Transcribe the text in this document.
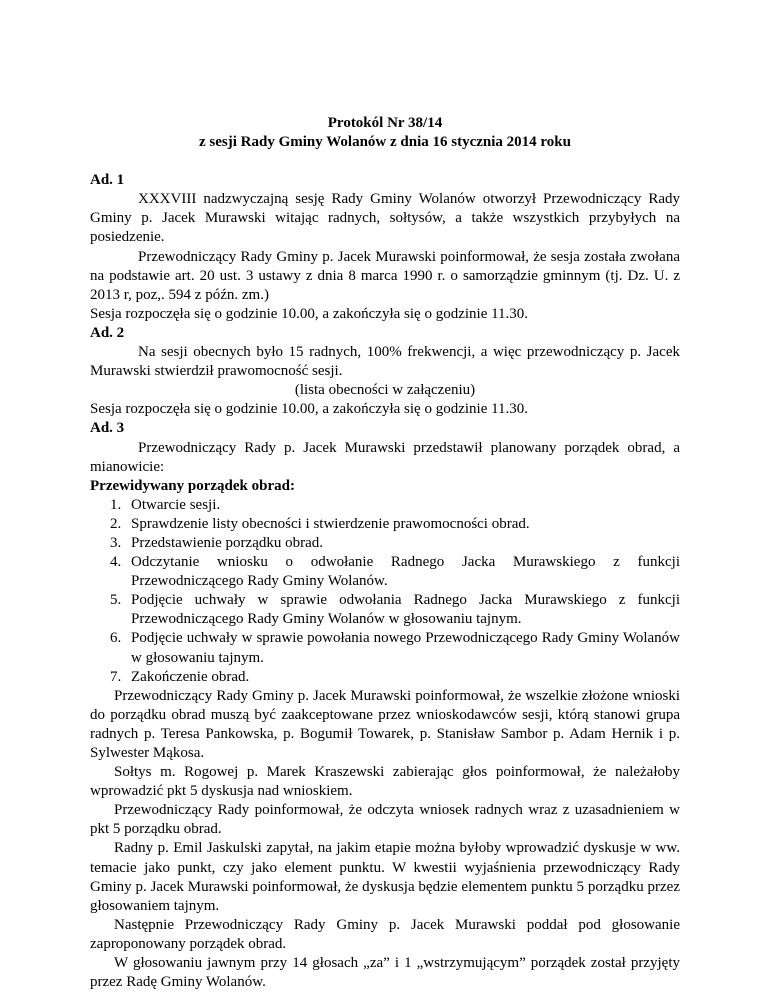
Protokól Nr 38/14

z sesji Rady Gminy Wolanów z dnia 16 stycznia 2014 roku

Ad. 1

XXXVIII nadzwyczajną sesję Rady Gminy Wolanów otworzył Przewodniczący Rady Gminy p. Jacek Murawski witając radnych, sołtysów, a także wszystkich przybyłych na posiedzenie.

Przewodniczący Rady Gminy p. Jacek Murawski poinformował, że sesja została zwołana na podstawie art. 20 ust. 3 ustawy z dnia 8 marca 1990 r. o samorządzie gminnym (tj. Dz. U. z 2013 r, poz,. 594 z późn. zm.)

Sesja rozpoczęła się o godzinie 10.00, a zakończyła się o godzinie 11.30.

Ad. 2

Na sesji obecnych było 15 radnych, 100% frekwencji, a więc przewodniczący p. Jacek Murawski stwierdził prawomocność sesji.

(lista obecności w załączeniu)

Sesja rozpoczęła się o godzinie 10.00, a zakończyła się o godzinie 11.30.

Ad. 3

Przewodniczący Rady p. Jacek Murawski przedstawił planowany porządek obrad, a mianowicie:

Przewidywany porządek obrad:

1. Otwarcie sesji.
2. Sprawdzenie listy obecności i stwierdzenie prawomocności obrad.
3. Przedstawienie porządku obrad.
4. Odczytanie wniosku o odwołanie Radnego Jacka Murawskiego z funkcji Przewodniczącego Rady Gminy Wolanów.
5. Podjęcie uchwały w sprawie odwołania Radnego Jacka Murawskiego z funkcji Przewodniczącego Rady Gminy Wolanów w głosowaniu tajnym.
6. Podjęcie uchwały w sprawie powołania nowego Przewodniczącego Rady Gminy Wolanów w głosowaniu tajnym.
7. Zakończenie obrad.

Przewodniczący Rady Gminy p. Jacek Murawski poinformował, że wszelkie złożone wnioski do porządku obrad muszą być zaakceptowane przez wnioskodawców sesji, którą stanowi grupa radnych p. Teresa Pankowska, p. Bogumił Towarek, p. Stanisław Sambor p. Adam Hernik i p. Sylwester Mąkosa.

Sołtys m. Rogowej p. Marek Kraszewski zabierając głos poinformował, że należałoby wprowadzić pkt 5 dyskusja nad wnioskiem.

Przewodniczący Rady poinformował, że odczyta wniosek radnych wraz z uzasadnieniem w pkt 5 porządku obrad.

Radny p. Emil Jaskulski zapytał, na jakim etapie można byłoby wprowadzić dyskusje w ww. temacie jako punkt, czy jako element punktu. W kwestii wyjaśnienia przewodniczący Rady Gminy p. Jacek Murawski poinformował, że dyskusja będzie elementem punktu 5 porządku przez głosowaniem tajnym.

Następnie Przewodniczący Rady Gminy p. Jacek Murawski poddał pod głosowanie zaproponowany porządek obrad.

W głosowaniu jawnym przy 14 głosach „za” i 1 „wstrzymującym” porządek został przyjęty przez Radę Gminy Wolanów.
